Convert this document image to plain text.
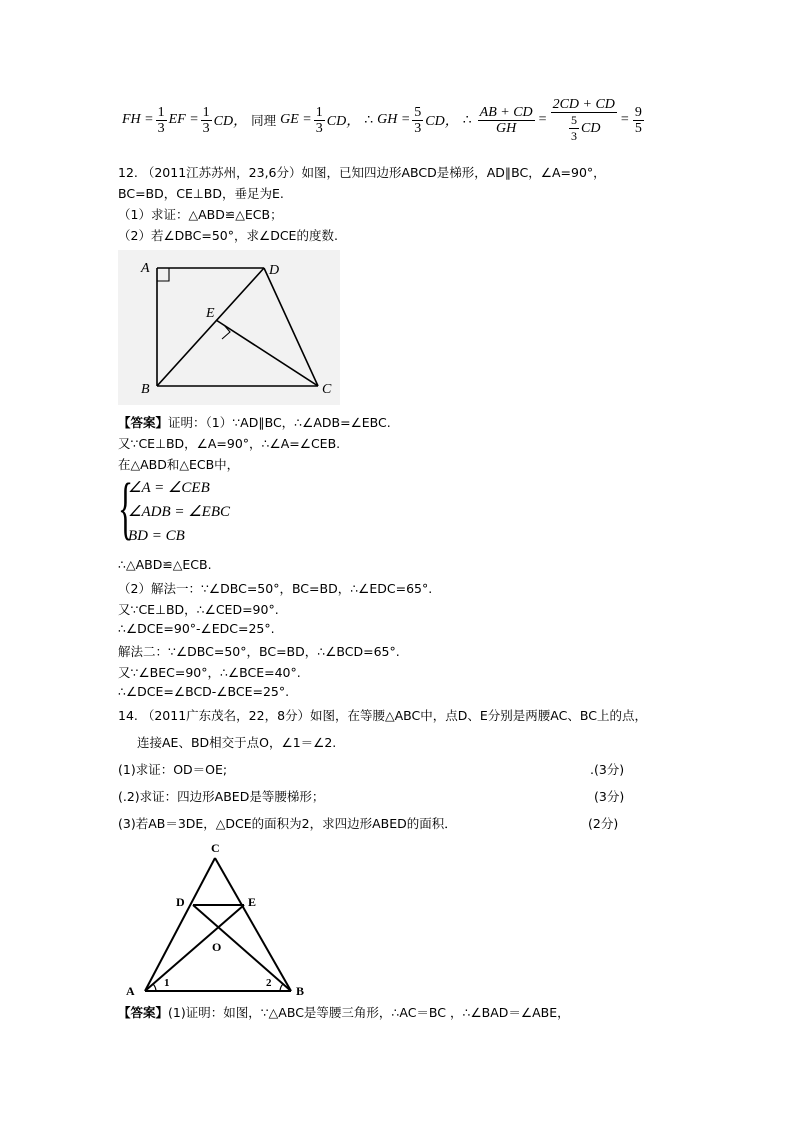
FH = $\frac{1}{3}$ EF = $\frac{1}{3}$ CD， 同理 GE = $\frac{1}{3}$ CD， ∴ GH = $\frac{5}{3}$ CD， ∴ $\frac{AB + CD}{GH} = \frac{2CD + CD}{\frac{5}{3} CD} = \frac{9}{5}$
12. （2011江苏苏州，23,6分）如图，已知四边形ABCD是梯形，AD∥BC，∠A=90°，
BC=BD，CE⊥BD，垂足为E.
（1）求证：△ABD≌△ECB；
（2）若∠DBC=50°，求∠DCE的度数.
A	D
E
B	C
【答案】证明：（1）∵AD∥BC，∴∠ADB=∠EBC.
又∵CE⊥BD，∠A=90°，∴∠A=∠CEB.
在△ABD和△ECB中，
{
∠A = ∠CEB
∠ADB = ∠EBC
BD = CB
∴△ABD≌△ECB.
（2）解法一：∵∠DBC=50°，BC=BD，∴∠EDC=65°.
又∵CE⊥BD，∴∠CED=90°.
∴∠DCE=90°-∠EDC=25°.
解法二：∵∠DBC=50°，BC=BD，∴∠BCD=65°.
又∵∠BEC=90°，∴∠BCE=40°.
∴∠DCE=∠BCD-∠BCE=25°.
14. （2011广东茂名，22，8分）如图，在等腰△ABC中，点D、E分别是两腰AC、BC上的点，
连接AE、BD相交于点O，∠1＝∠2.
(1)求证：OD＝OE;	.(3分)
(.2)求证：四边形ABED是等腰梯形；	(3分)
(3)若AB＝3DE，△DCE的面积为2，求四边形ABED的面积．	(2分)
C
D	E
O
A	B
1	2
【答案】(1)证明：如图，∵△ABC是等腰三角形，∴AC＝BC ，∴∠BAD＝∠ABE，
